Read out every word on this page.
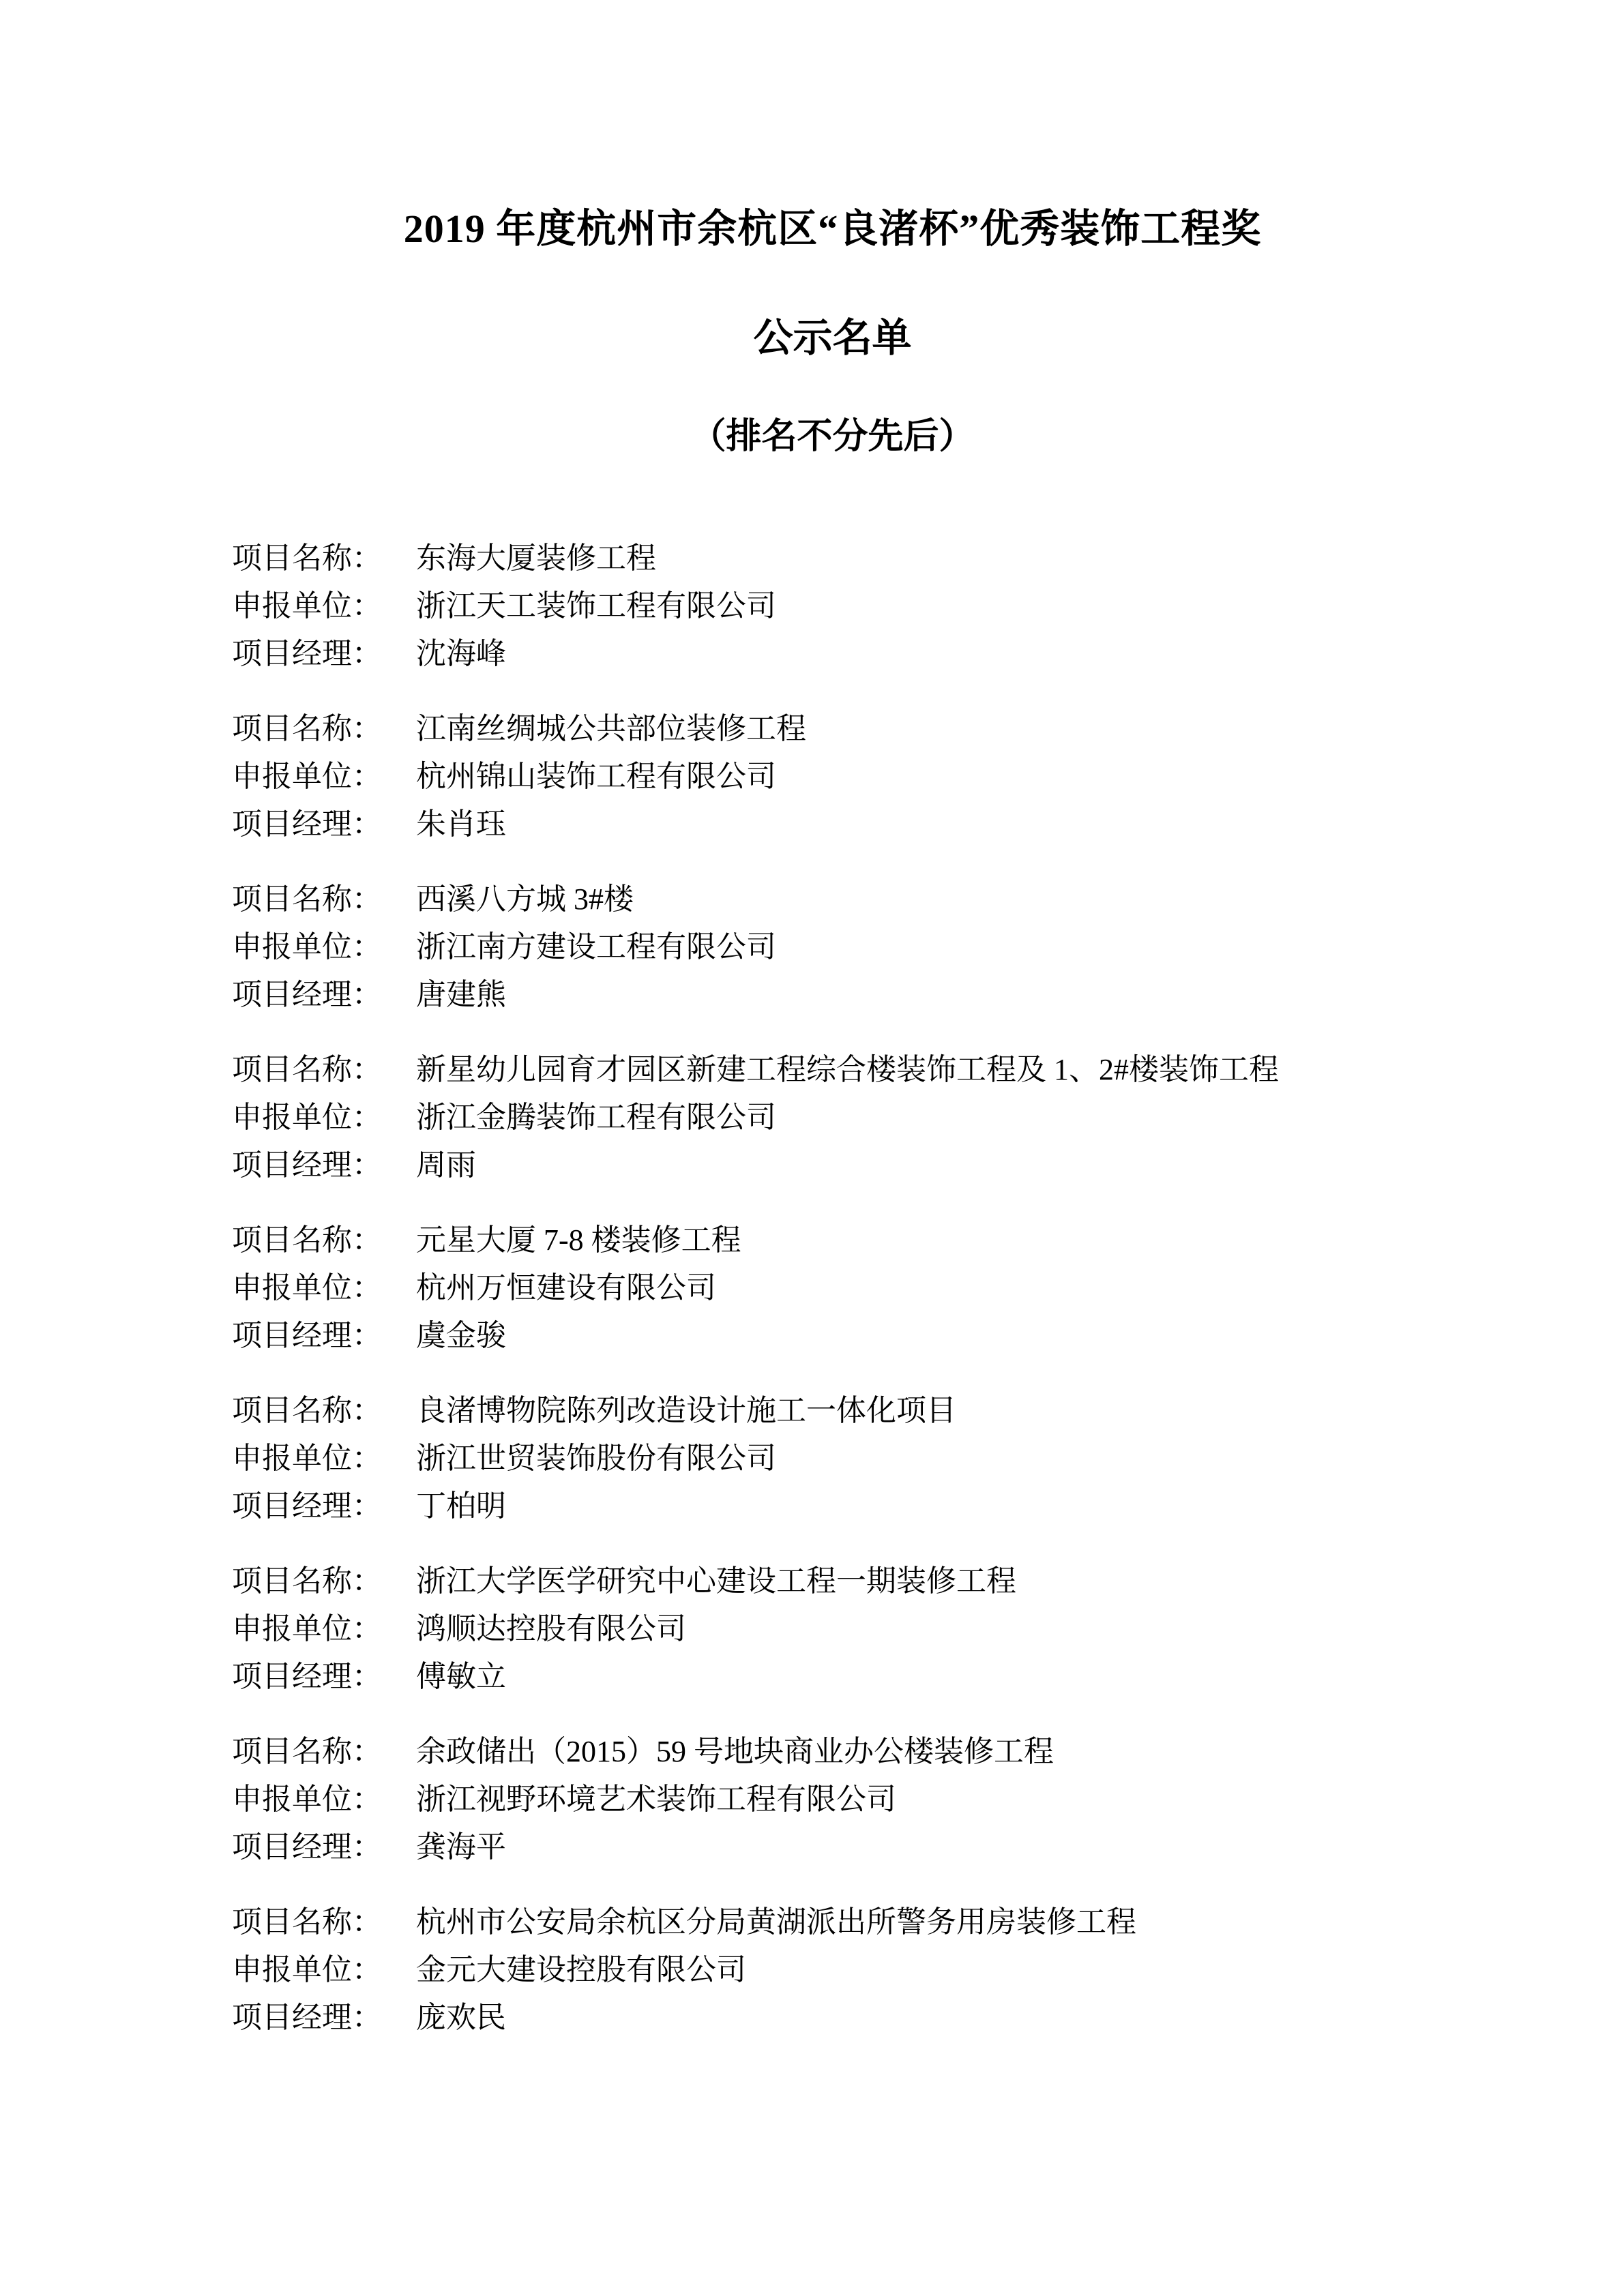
2019 年度杭州市余杭区“良渚杯”优秀装饰工程奖
公示名单
（排名不分先后）

项目名称： 东海大厦装修工程

申报单位： 浙江天工装饰工程有限公司

项目经理： 沈海峰

项目名称： 江南丝绸城公共部位装修工程

申报单位： 杭州锦山装饰工程有限公司

项目经理： 朱肖珏

项目名称： 西溪八方城 3#楼

申报单位： 浙江南方建设工程有限公司

项目经理： 唐建熊

项目名称： 新星幼儿园育才园区新建工程综合楼装饰工程及 1、2#楼装饰工程

申报单位： 浙江金腾装饰工程有限公司

项目经理： 周雨

项目名称： 元星大厦 7-8 楼装修工程

申报单位： 杭州万恒建设有限公司

项目经理： 虞金骏

项目名称： 良渚博物院陈列改造设计施工一体化项目

申报单位： 浙江世贸装饰股份有限公司

项目经理： 丁柏明

项目名称： 浙江大学医学研究中心建设工程一期装修工程

申报单位： 鸿顺达控股有限公司

项目经理： 傅敏立

项目名称： 余政储出（2015）59 号地块商业办公楼装修工程

申报单位： 浙江视野环境艺术装饰工程有限公司

项目经理： 龚海平

项目名称： 杭州市公安局余杭区分局黄湖派出所警务用房装修工程

申报单位： 金元大建设控股有限公司

项目经理： 庞欢民
